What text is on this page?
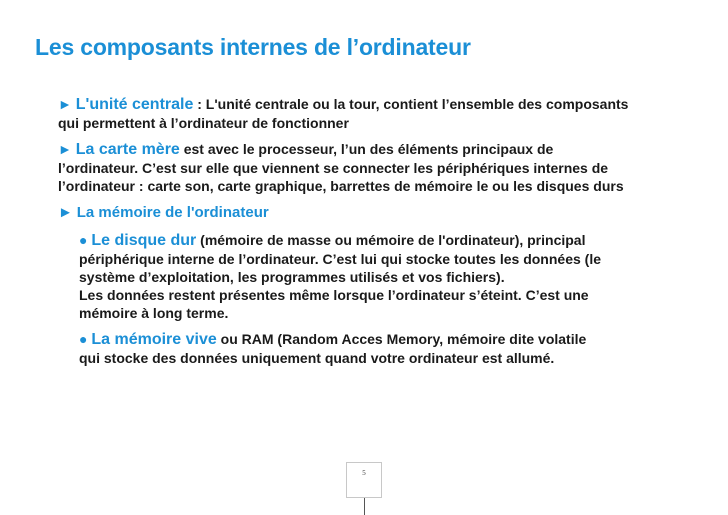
Les composants internes de l’ordinateur

► L'unité centrale : L'unité centrale ou la tour, contient l’ensemble des composants
qui permettent à l’ordinateur de fonctionner

► La carte mère est avec le processeur, l’un des éléments principaux de
l’ordinateur. C’est sur elle que viennent se connecter les périphériques internes de
l’ordinateur : carte son, carte graphique, barrettes de mémoire le ou les disques durs

► La mémoire de l'ordinateur

● Le disque dur (mémoire de masse ou mémoire de l'ordinateur), principal
périphérique interne de l’ordinateur. C’est lui qui stocke toutes les données (le
système d’exploitation, les programmes utilisés et vos fichiers).
Les données restent présentes même lorsque l’ordinateur s’éteint. C’est une
mémoire à long terme.

● La mémoire vive ou RAM (Random Acces Memory, mémoire dite volatile
qui stocke des données uniquement quand votre ordinateur est allumé.

5
